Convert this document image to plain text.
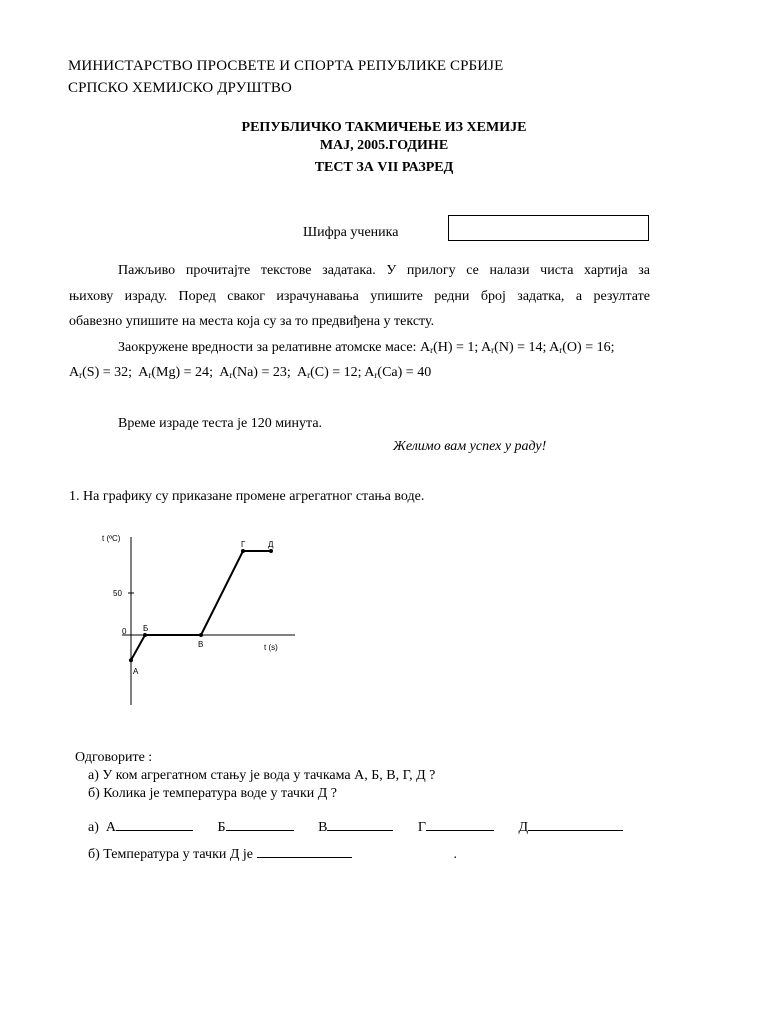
МИНИСТАРСТВО ПРОСВЕТЕ И СПОРТА РЕПУБЛИКЕ СРБИЈЕ
СРПСКО ХЕМИЈСКО ДРУШТВО
РЕПУБЛИЧКО ТАКМИЧЕЊЕ ИЗ ХЕМИЈЕ
МАЈ, 2005.ГОДИНЕ
ТЕСТ ЗА VII РАЗРЕД
Шифра ученика
Пажљиво прочитајте текстове задатака. У прилогу се налази чиста хартија за
њихову израду. Поред сваког израчунавања упишите редни број задатка, а резултате
обавезно упишите на места која су за то предвиђена у тексту.
Заокружене вредности за релативне атомске масе: $A_r(H) = 1$; $A_r(N) = 14$; $A_r(O) = 16$;
$A_r(S) = 32$;  $A_r(Mg) = 24$;  $A_r(Na) = 23$;  $A_r(C) = 12$; $A_r(Ca) = 40$
Време израде теста је 120 минута.
Желимо вам успех у раду!
1. На графику су приказане промене агрегатног стања воде.
t (ºC)
t (s)
50
0
А
Б
В
Г	Д
Одговорите :
а) У ком агрегатном стању је вода у тачкама А, Б, В, Г, Д ?
б) Колика је температура воде у тачки Д ?
а) А	Б	В	Г	Д
б) Температура у тачки Д је	.
